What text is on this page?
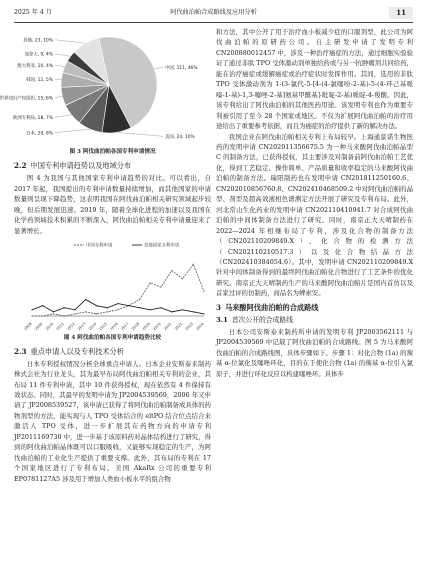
2025 年 4 月	阿伐曲泊帕合成路线及应用分析	11
中国, 111, 46%
美国, 24, 10%
日本, 20, 8%
欧洲专利局, 18, 7%
世界知识产权组织, 15, 6%
韩国, 12, 5%
澳大利亚, 10, 4%
加拿大, 9, 4%
其他, 23, 10%
图 3 阿伐曲泊帕各国专利申请情况
2.2 中国专利申请趋势以及地域分布

图 4 为我国与其他国家专利申请趋势的对比。可以看出，自 2017 年起，我国提出的专利申请数量持续增加，而其他国家的申请数量则呈现下降趋势，这表明我国在阿伐曲泊帕相关研究领域起步较晚，但后期发展迅速。2019 年，随着全球化进程的加速以及我国在化学药领域技术积累的不断深入，阿伐曲泊帕相关专利申请量迎来了显著增长。

2008 2009 2010 2011 2012 2013 2014 2015 2016 2017 2018 2019 2020 2021 2022 2023 2024
中国专利申请	其他国家专利申请
图 4 阿伐曲泊帕各国专利申请趋势比较
2.3 重点申请人以及专利技术分析

日本专利授权情况分析全球重点申请人。日本企业安斯泰来制药株式会社为行业龙头，其为最早布局阿伐曲泊帕相关专利的企业，其布局 11 件专利申请，其中 10 件获得授权，现在依然有 4 件保持有效状态。同时，其最早的发明申请为 JP2004539569，2006 年又申请了 JP2008539527，该申请已获得了将阿伐曲泊帕制备成具体的药物剂型的方法，能实现与人 TPO 受体结合的 eltPO 结合位点结合来激活人 TPO 受体，进一步扩展其在药物方向的申请专利 JP2011169730 中，进一步基于该原料药对晶体结构进行了研究，得到的阿伐曲泊帕晶体既可以口服吸收，又能够实现稳定的生产，为阿伐曲泊帕的工业化生产提供了重要支撑。此外，其布局的专利在 17 个国家地区进行了专利布局。美国 AkaRx 公司的重要专利 EP0781127A5 涉及用于增加人类血小板水平的组合物

和方法，其中公开了用于治疗血小板减少症的口服剂型，此公司为阿伐曲泊帕的原研药公司。自主研发申请了发明专利 CN200880012457 中，涉及一种治疗癌症的方法，通过细胞实验验证了通过非肽 TPO 受体激动剂单独给药或与另一抗肿瘤剂共同给药，能在治疗癌症或缓解癌症或治疗症状时发挥作用。其间，选用的非肽 TPO 受体激动剂为 1-(3-氯代-5-[4-(4-氯噻吩-2-基)-5-(4-环己基哌嗪-1-基)-1,3-噻唑-2-基]氨基甲酰基}吡啶-2-基)哌啶-4-羧酸。因此，该专利给出了阿伐曲泊帕的其他医药用途。该发明专利也作为重要专利被引用了至今 28 个国家或地区。不仅为扩展阿伐曲泊帕的治疗用途给出了重要参考依据，而且为癌症的治疗提供了新的解决办法。

我国企业在阿伐曲泊帕相关专利上布局较早。上海通景诺生物医药的发明申请 CN202011356675.5 为一种马来酸阿伐曲泊帕晶型 C 的制备方法，已获得授权，其主要涉及对制备前阿伐曲泊帕工艺优化，得到工艺稳定、操作简单、产品质量和收率稳定的马来酸阿伐曲泊帕的制备方法。瑞阳制药也在发明申请 CN201811250160.6、CN202010856760.8、CN202410468509.2 中对阿伐曲泊帕的晶型、剂型及超高效液相色谱测定方法开展了研究及专利布局。此外，河北常山生化药业的发明申请 CN202110410941.7 对合成阿伐曲泊帕的中间体制备方法进行了研究。同时，南京正大天晴制药在 2022—2024 年相继布局了专利，涉及化合物的制备方法（CN202110209849.X）、化合物的检测方法（CN202110210517.3）以及化合物结晶方法（CN202410384054.6）。其中，发明申请 CN202110209849.X 针对中间体制备得到的最终阿伐曲泊帕化合物进行了工艺条件的优化研究。南京正大天晴制药生产的马来酸阿伐曲泊帕片是国内首仿以及首家过评的仿制药，商品名为蜱索安。

3 马来酸阿伐曲泊帕的合成路线
3.1 首次公开的合成路线

日本公司安斯泰来制药所申请的发明专利 JP2003562111 与 JP2004539569 中记载了阿伐曲泊帕的合成路线。图 5 为马来酸阿伐曲泊帕的合成路线图，具体步骤如下。步骤 1：对化合物 (1a) 的羰基 α-位氯化及噻唑环化，目的在于使化合物 (1a) 的羰基 α-位引入氯原子，并进行环化反应以构建噻唑环。具体步
